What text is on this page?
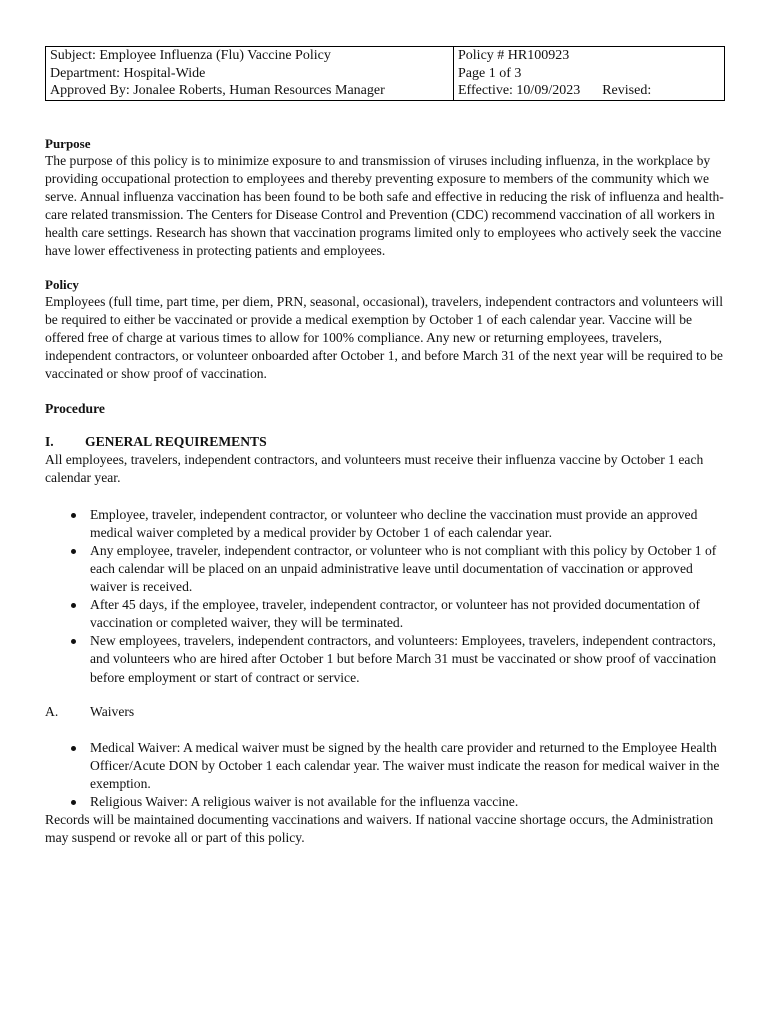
Subject: Employee Influenza (Flu) Vaccine Policy
Department: Hospital-Wide
Approved By: Jonalee Roberts, Human Resources Manager

Policy # HR100923
Page 1 of 3
Effective: 10/09/2023 Revised:
Purpose

The purpose of this policy is to minimize exposure to and transmission of viruses including influenza, in the workplace by providing occupational protection to employees and thereby preventing exposure to members of the community which we serve. Annual influenza vaccination has been found to be both safe and effective in reducing the risk of influenza and health-care related transmission. The Centers for Disease Control and Prevention (CDC) recommend vaccination of all workers in health care settings. Research has shown that vaccination programs limited only to employees who actively seek the vaccine have lower effectiveness in protecting patients and employees.

Policy

Employees (full time, part time, per diem, PRN, seasonal, occasional), travelers, independent contractors and volunteers will be required to either be vaccinated or provide a medical exemption by October 1 of each calendar year. Vaccine will be offered free of charge at various times to allow for 100% compliance. Any new or returning employees, travelers, independent contractors, or volunteer onboarded after October 1, and before March 31 of the next year will be required to be vaccinated or show proof of vaccination.

Procedure
I.	GENERAL REQUIREMENTS

All employees, travelers, independent contractors, and volunteers must receive their influenza vaccine by October 1 each calendar year.

Employee, traveler, independent contractor, or volunteer who decline the vaccination must provide an approved medical waiver completed by a medical provider by October 1 of each calendar year.
Any employee, traveler, independent contractor, or volunteer who is not compliant with this policy by October 1 of each calendar will be placed on an unpaid administrative leave until documentation of vaccination or approved waiver is received.
After 45 days, if the employee, traveler, independent contractor, or volunteer has not provided documentation of vaccination or completed waiver, they will be terminated.
New employees, travelers, independent contractors, and volunteers: Employees, travelers, independent contractors, and volunteers who are hired after October 1 but before March 31 must be vaccinated or show proof of vaccination before employment or start of contract or service.
A.	Waivers
Medical Waiver: A medical waiver must be signed by the health care provider and returned to the Employee Health Officer/Acute DON by October 1 each calendar year. The waiver must indicate the reason for medical waiver in the exemption.
Religious Waiver: A religious waiver is not available for the influenza vaccine.

Records will be maintained documenting vaccinations and waivers. If national vaccine shortage occurs, the Administration may suspend or revoke all or part of this policy.
